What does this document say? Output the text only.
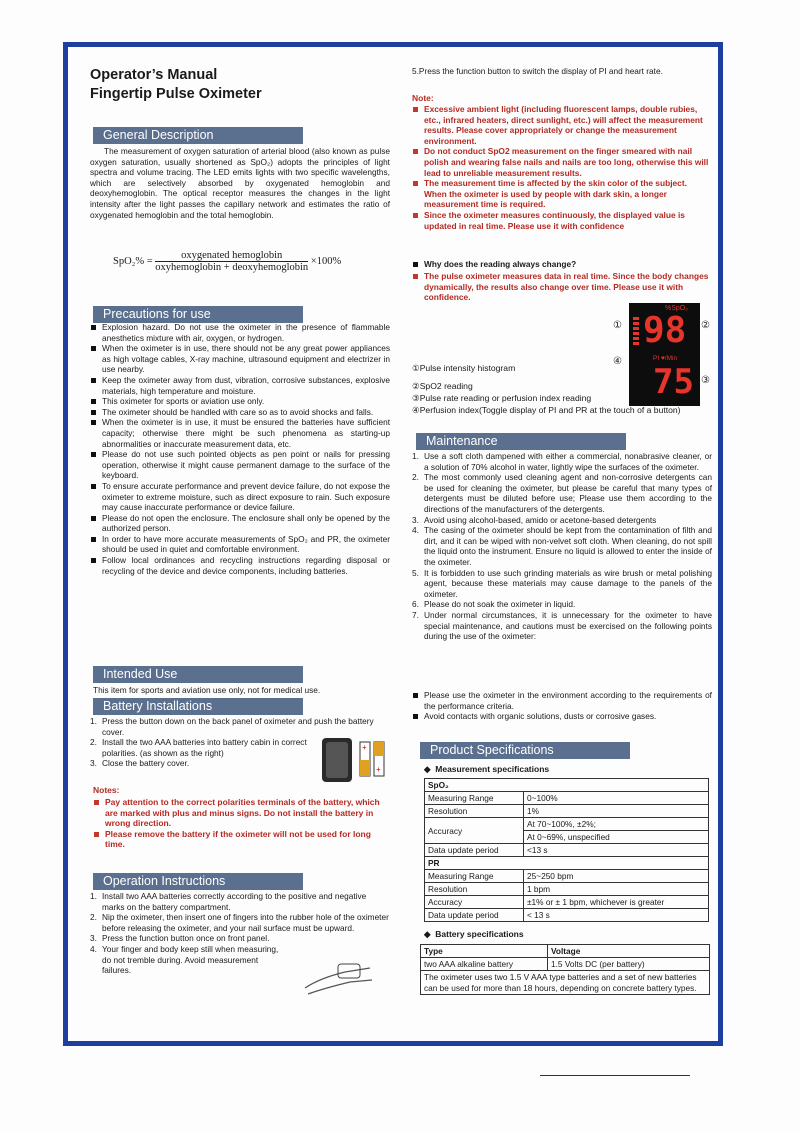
Operator’s Manual
Fingertip Pulse Oximeter
General Description
The measurement of oxygen saturation of arterial blood (also known as pulse oxygen saturation, usually shortened as SpO₂) adopts the principles of light spectra and volume tracing. The LED emits lights with two specific wavelengths, which are selectively absorbed by oxygenated hemoglobin and deoxyhemoglobin. The optical receptor measures the changes in the light intensity after the light passes the capillary network and estimates the ratio of oxygenated hemoglobin and the total hemoglobin.
$SpO_2\% = \frac{\text{oxygenated hemoglobin}}{\text{oxyhemoglobin + deoxyhemoglobin}} \times 100\%$
Precautions for use
Explosion hazard. Do not use the oximeter in the presence of flammable anesthetics mixture with air, oxygen, or hydrogen.
When the oximeter is in use, there should not be any great power appliances as high voltage cables, X-ray machine, ultrasound equipment and electrizer in use nearby.
Keep the oximeter away from dust, vibration, corrosive substances, explosive materials, high temperature and moisture.
This oximeter for sports or aviation use only.
The oximeter should be handled with care so as to avoid shocks and falls.
When the oximeter is in use, it must be ensured the batteries have sufficient capacity; otherwise there might be such phenomena as starting-up abnormalities or inaccurate measurement data, etc.
Please do not use such pointed objects as pen point or nails for pressing operation, otherwise it might cause permanent damage to the surface of the keyboard.
To ensure accurate performance and prevent device failure, do not expose the oximeter to extreme moisture, such as direct exposure to rain. Such exposure may cause inaccurate performance or device failure.
Please do not open the enclosure. The enclosure shall only be opened by the authorized person.
In order to have more accurate measurements of SpO₂ and PR, the oximeter should be used in quiet and comfortable environment.
Follow local ordinances and recycling instructions regarding disposal or recycling of the device and device components, including batteries.
Intended Use
This item for sports and aviation use only, not for medical use.
Battery Installations
1. Press the button down on the back panel of oximeter and push the battery cover.
2. Install the two AAA batteries into battery cabin in correct polarities. (as shown as the right)
3. Close the battery cover.
+
+
Notes:
Pay attention to the correct polarities terminals of the battery, which are marked with plus and minus signs. Do not install the battery in wrong direction.
Please remove the battery if the oximeter will not be used for long time.
Operation Instructions
1. Install two AAA batteries correctly according to the positive and negative marks on the battery compartment.
2. Nip the oximeter, then insert one of fingers into the rubber hole of the oximeter before releasing the oximeter, and your nail surface must be upward.
3. Press the function button once on front panel.
4. Your finger and body keep still when measuring, do not tremble during. Avoid measurement failures.
5.Press the function button to switch the display of PI and heart rate.
Note:
Excessive ambient light (including fluorescent lamps, double rubies, etc., infrared heaters, direct sunlight, etc.) will affect the measurement results. Please cover appropriately or change the measurement environment.
Do not conduct SpO2 measurement on the finger smeared with nail polish and wearing false nails and nails are too long, otherwise this will lead to unreliable measurement results.
The measurement time is affected by the skin color of the subject. When the oximeter is used by people with dark skin, a longer measurement time is required.
Since the oximeter measures continuously, the displayed value is updated in real time. Please use it with confidence
Why does the reading always change?
The pulse oximeter measures data in real time. Since the body changes dynamically, the results also change over time. Please use it with confidence.
①	②
④
③
%SpO₂
98
PI ♥/Min
75
①Pulse intensity histogram
②SpO2 reading
③Pulse rate reading or perfusion index reading
④Perfusion index(Toggle display of PI and PR at the touch of a button)
Maintenance
1. Use a soft cloth dampened with either a commercial, nonabrasive cleaner, or a solution of 70% alcohol in water, lightly wipe the surfaces of the oximeter.
2. The most commonly used cleaning agent and non-corrosive detergents can be used for cleaning the oximeter, but please be careful that many types of detergents must be diluted before use; Please use them according to the directions of the manufacturers of the detergents.
3. Avoid using alcohol-based, amido or acetone-based detergents
4. The casing of the oximeter should be kept from the contamination of filth and dirt, and it can be wiped with non-velvet soft cloth. When cleaning, do not spill the liquid onto the instrument. Ensure no liquid is allowed to enter the inside of the oximeter.
5. It is forbidden to use such grinding materials as wire brush or metal polishing agent, because these materials may cause damage to the panels of the oximeter.
6. Please do not soak the oximeter in liquid.
7. Under normal circumstances, it is unnecessary for the oximeter to have special maintenance, and cautions must be exercised on the following points during the use of the oximeter:
Please use the oximeter in the environment according to the requirements of the performance criteria.
Avoid contacts with organic solutions, dusts or corrosive gases.
Product Specifications
◆  Measurement specifications
SpO₂	
Measuring Range	0~100%
Resolution	1%
Accuracy	At 70~100%, ±2%;
	At 0~69%, unspecified
Data update period	<13 s
PR	
Measuring Range	25~250 bpm
Resolution	1 bpm
Accuracy	±1% or ± 1 bpm, whichever is greater
Data update period	< 13 s
◆  Battery specifications
Type	Voltage
two AAA alkaline battery	1.5 Volts DC (per battery)
The oximeter uses two 1.5 V AAA type batteries and a set of new batteries can be used for more than 18 hours, depending on concrete battery types.	
